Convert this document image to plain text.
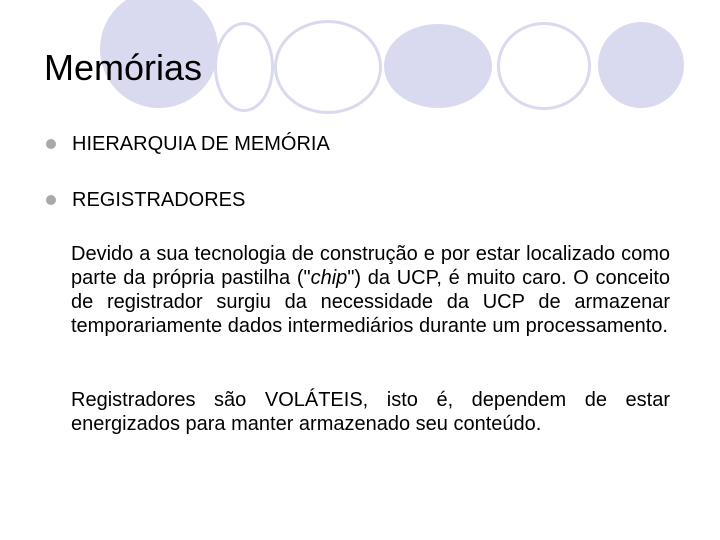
Memórias
HIERARQUIA DE MEMÓRIA
REGISTRADORES

Devido a sua tecnologia de construção e por estar localizado como parte da própria pastilha ("chip") da UCP, é muito caro. O conceito de registrador surgiu da necessidade da UCP de armazenar temporariamente dados intermediários durante um processamento.

Registradores são VOLÁTEIS, isto é, dependem de estar energizados para manter armazenado seu conteúdo.
